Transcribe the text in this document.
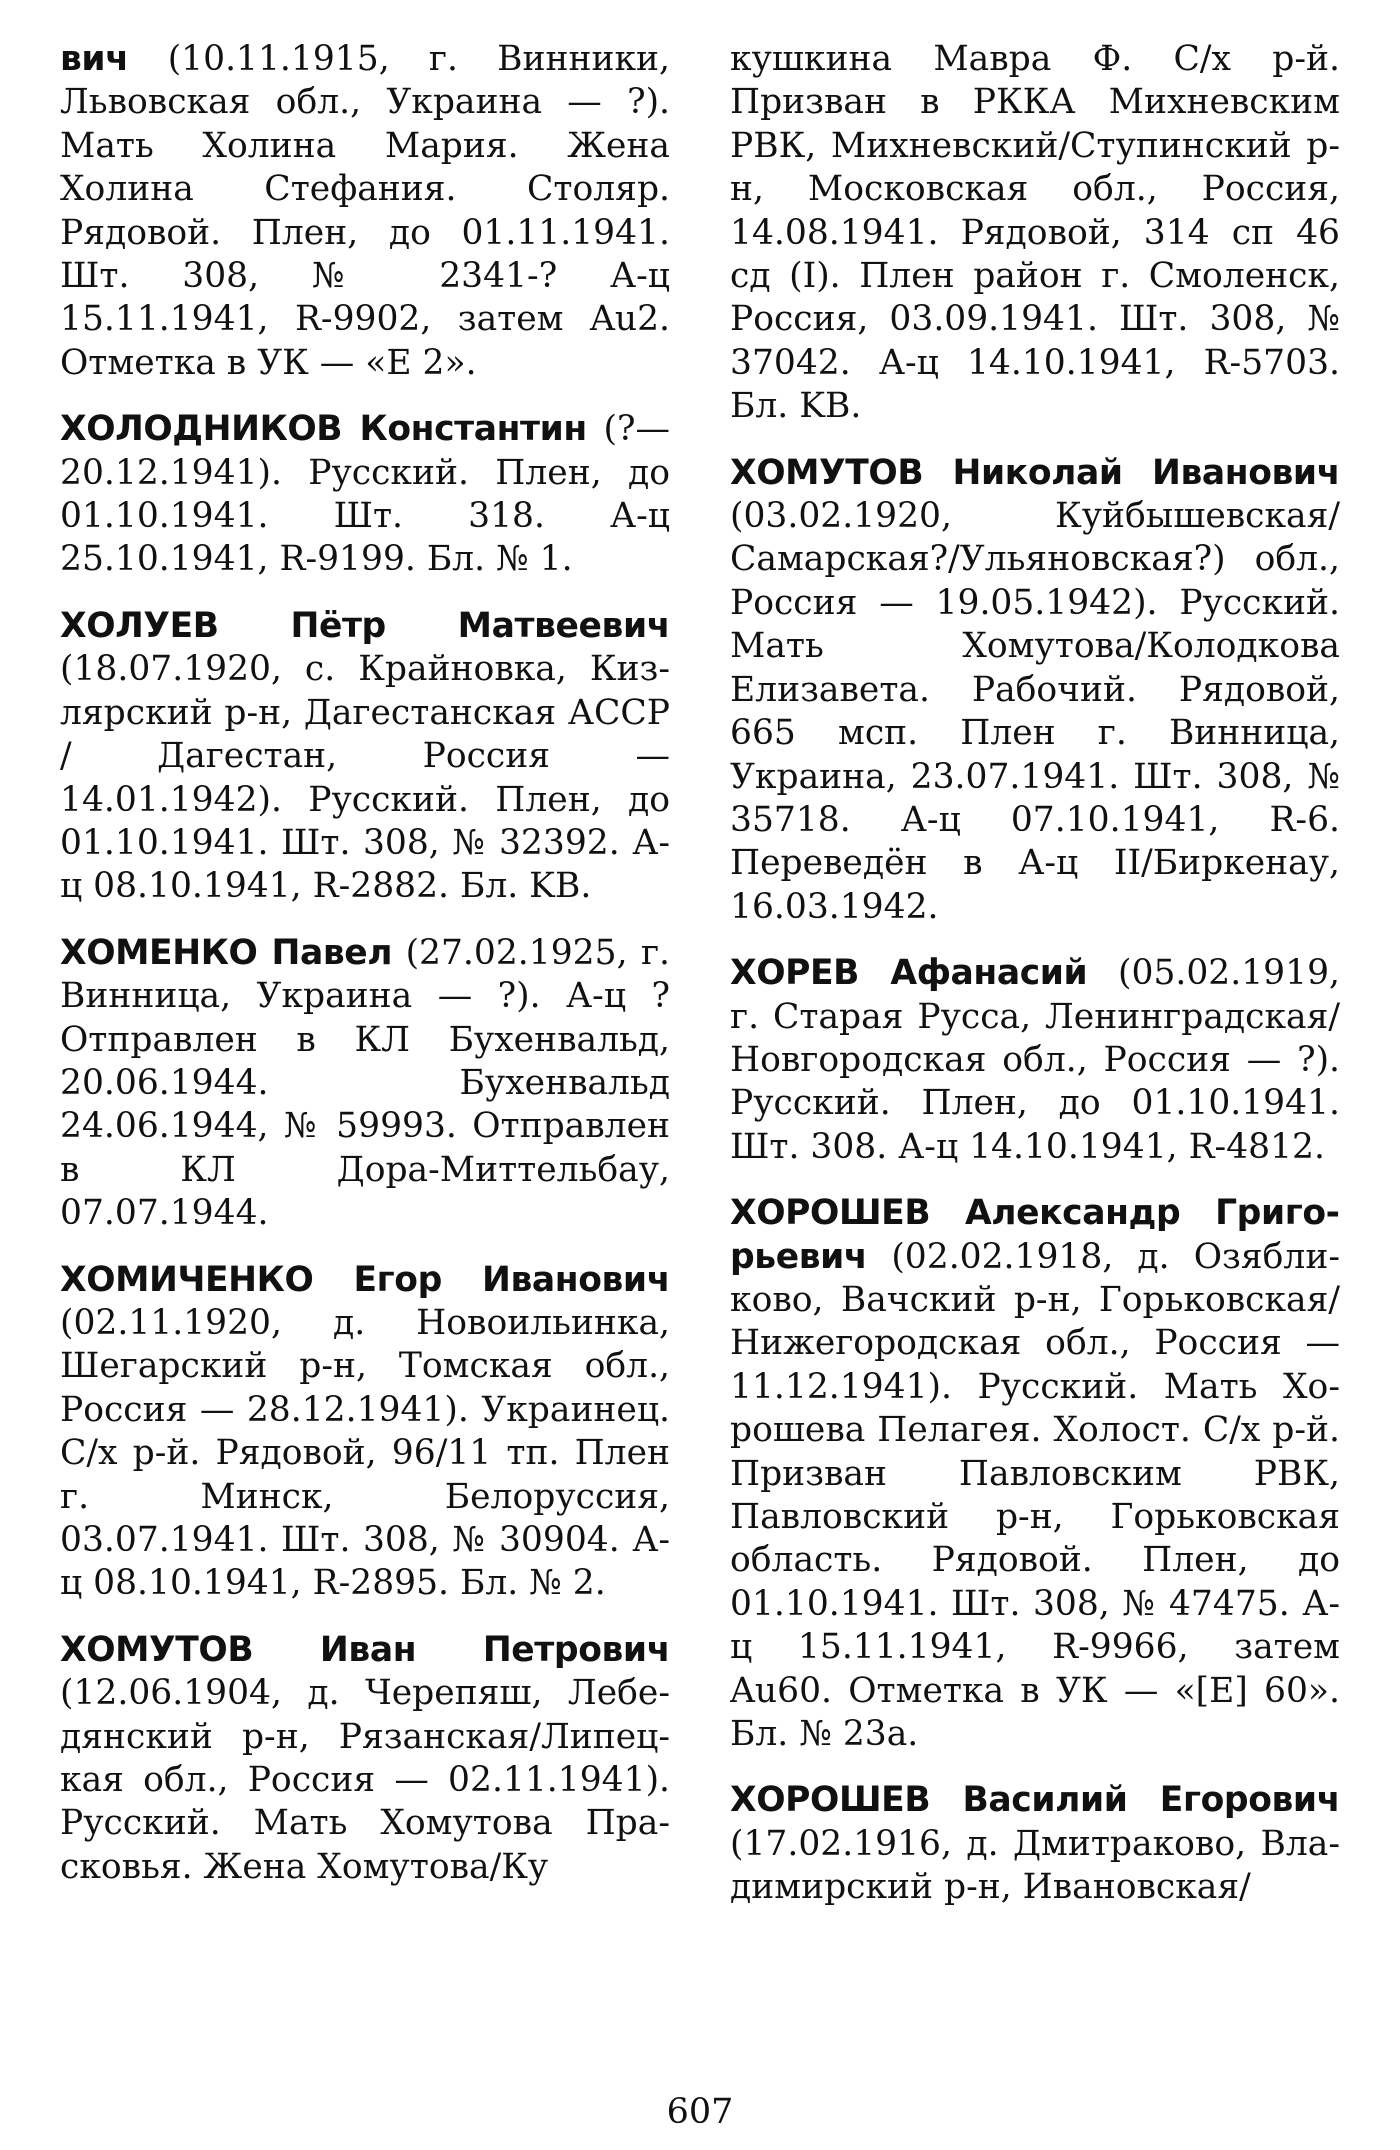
вич (10.11.1915, г. Винники, Львовская обл., Украина — ?). Мать Холина Мария. Жена Холина Стефания. Столяр. Рядовой. Плен, до 01.11.1941. Шт. 308, № 2341-? А-ц 15.11.1941, R-9902, затем Au2. Отметка в УК — «Е 2».

ХОЛОДНИКОВ Константин (?—20.12.1941). Русский. Плен, до 01.10.1941. Шт. 318. А-ц 25.10.1941, R-9199. Бл. № 1.

ХОЛУЕВ Пётр Матвеевич (18.07.1920, с. Крайновка, Кизлярский р-н, Дагестанская АССР / Дагестан, Россия — 14.01.1942). Русский. Плен, до 01.10.1941. Шт. 308, № 32392. А-ц 08.10.1941, R-2882. Бл. KB.

ХОМЕНКО Павел (27.02.1925, г. Винница, Украина — ?). А-ц ? Отправлен в КЛ Бухенвальд, 20.06.1944. Бухенвальд 24.06.1944, № 59993. Отправлен в КЛ Дора-Миттельбау, 07.07.1944.

ХОМИЧЕНКО Егор Иванович (02.11.1920, д. Новоильинка, Шегарский р-н, Томская обл., Россия — 28.12.1941). Украинец. С/х р-й. Рядовой, 96/11 тп. Плен г. Минск, Белоруссия, 03.07.1941. Шт. 308, № 30904. А-ц 08.10.1941, R-2895. Бл. № 2.

ХОМУТОВ Иван Петрович (12.06.1904, д. Черепяш, Лебедянский р-н, Рязанская/Липецкая обл., Россия — 02.11.1941). Русский. Мать Хомутова Прасковья. Жена Хомутова/Ку

кушкина Мавра Ф. С/х р-й. Призван в РККА Михневским РВК, Михневский/Ступинский р-н, Московская обл., Россия, 14.08.1941. Рядовой, 314 сп 46 сд (I). Плен район г. Смоленск, Россия, 03.09.1941. Шт. 308, № 37042. А-ц 14.10.1941, R-5703. Бл. KB.

ХОМУТОВ Николай Иванович (03.02.1920, Куйбышевская/Самарская?/Ульяновская?) обл., Россия — 19.05.1942). Русский. Мать Хомутова/Колодкова Елизавета. Рабочий. Рядовой, 665 мсп. Плен г. Винница, Украина, 23.07.1941. Шт. 308, № 35718. А-ц 07.10.1941, R-6. Переведён в А-ц II/Биркeнау, 16.03.1942.

ХОРЕВ Афанасий (05.02.1919, г. Старая Русса, Ленинградская/Новгородская обл., Россия — ?). Русский. Плен, до 01.10.1941. Шт. 308. А-ц 14.10.1941, R-4812.

ХОРОШЕВ Александр Григорьевич (02.02.1918, д. Озябликово, Вачский р-н, Горьковская/ Нижегородская обл., Россия — 11.12.1941). Русский. Мать Хорошева Пелагея. Холост. С/х р-й. Призван Павловским РВК, Павловский р-н, Горьковская область. Рядовой. Плен, до 01.10.1941. Шт. 308, № 47475. А-ц 15.11.1941, R-9966, затем Au60. Отметка в УК — «[Е] 60». Бл. № 23а.

ХОРОШЕВ Василий Егорович (17.02.1916, д. Дмитраково, Владимирский р-н, Ивановская/

607
